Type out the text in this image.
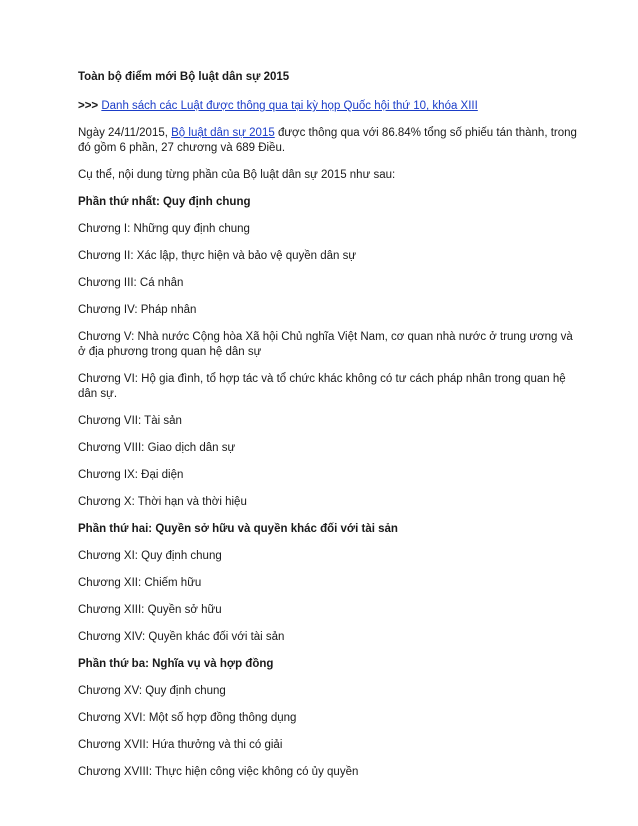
Toàn bộ điểm mới Bộ luật dân sự 2015
>>> Danh sách các Luật được thông qua tại kỳ họp Quốc hội thứ 10, khóa XIII
Ngày 24/11/2015, Bộ luật dân sự 2015 được thông qua với 86.84% tổng số phiếu tán thành, trong đó gồm 6 phần, 27 chương và 689 Điều.
Cụ thể, nội dung từng phần của Bộ luật dân sự 2015 như sau:
Phần thứ nhất: Quy định chung
Chương I: Những quy định chung
Chương II: Xác lập, thực hiện và bảo vệ quyền dân sự
Chương III: Cá nhân
Chương IV: Pháp nhân
Chương V: Nhà nước Cộng hòa Xã hội Chủ nghĩa Việt Nam, cơ quan nhà nước ở trung ương và ở địa phương trong quan hệ dân sự
Chương VI: Hộ gia đình, tổ hợp tác và tổ chức khác không có tư cách pháp nhân trong quan hệ dân sự.
Chương VII: Tài sản
Chương VIII: Giao dịch dân sự
Chương IX: Đại diện
Chương X: Thời hạn và thời hiệu
Phần thứ hai: Quyền sở hữu và quyền khác đối với tài sản
Chương XI: Quy định chung
Chương XII: Chiếm hữu
Chương XIII: Quyền sở hữu
Chương XIV: Quyền khác đối với tài sản
Phần thứ ba: Nghĩa vụ và hợp đồng
Chương XV: Quy định chung
Chương XVI: Một số hợp đồng thông dụng
Chương XVII: Hứa thưởng và thi có giải
Chương XVIII: Thực hiện công việc không có ủy quyền
